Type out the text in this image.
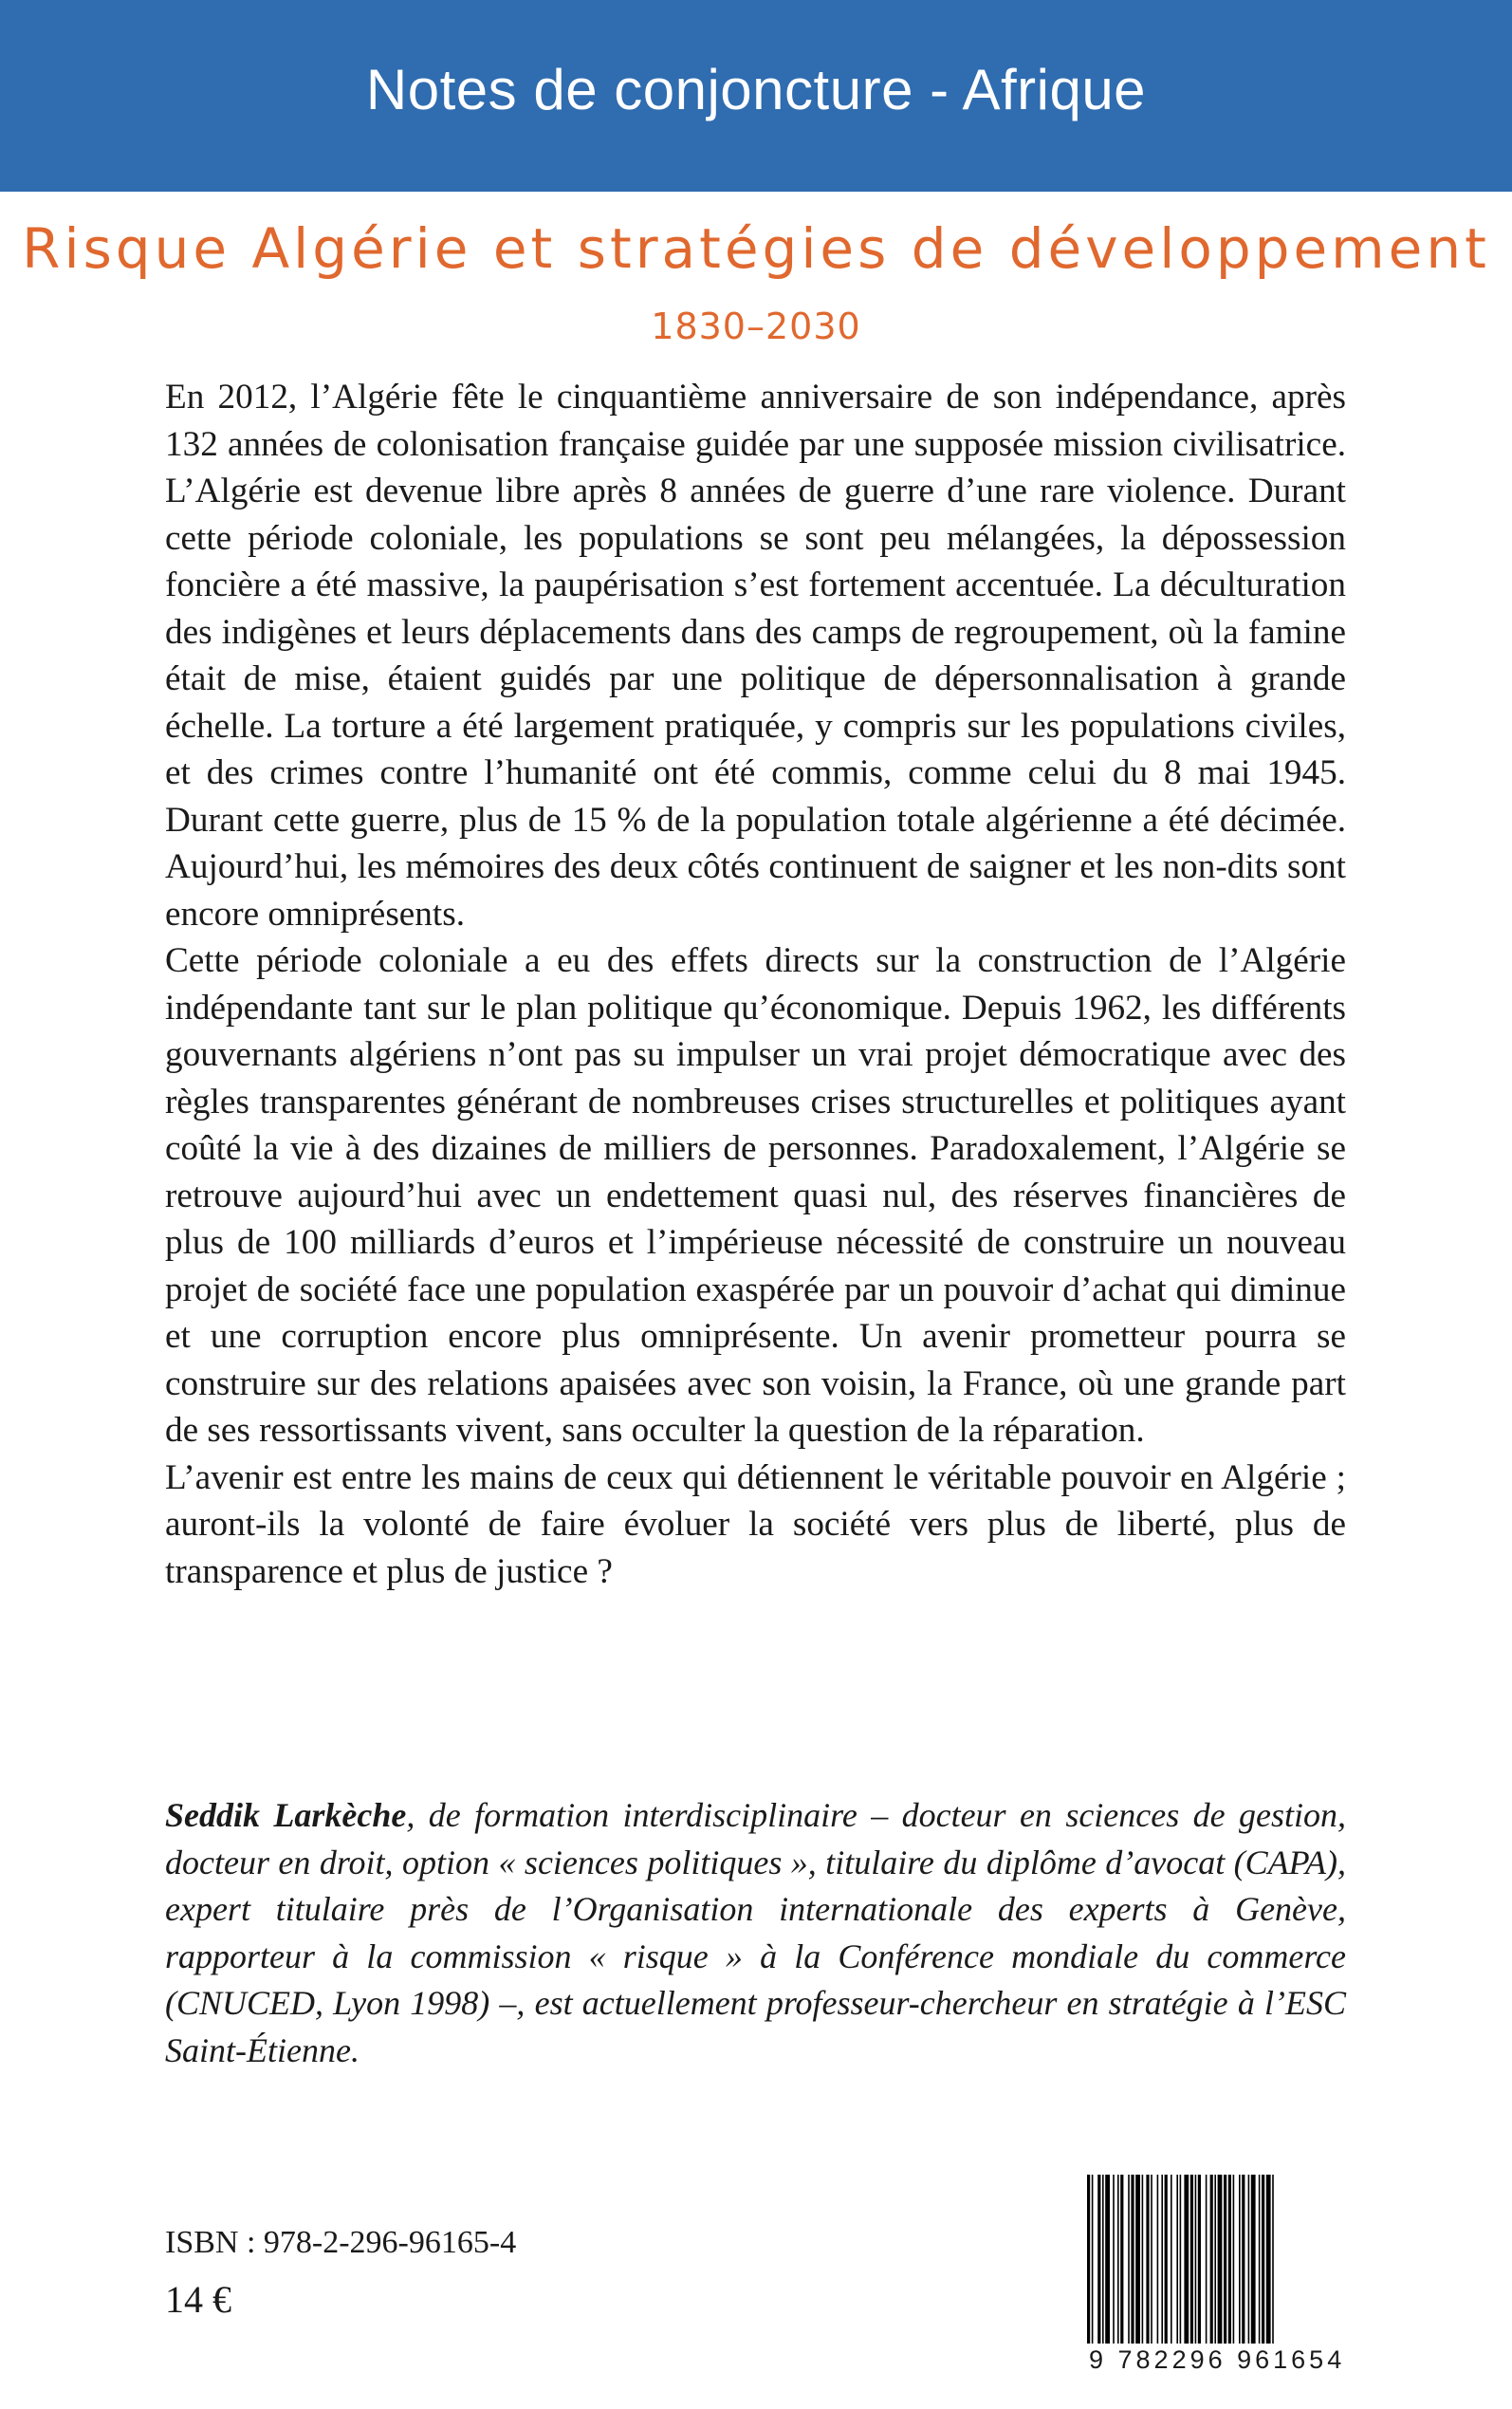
Notes de conjoncture - Afrique
Risque Algérie et stratégies de développement
1830–2030

En 2012, l’Algérie fête le cinquantième anniversaire de son indépendance, après 132 années de colonisation française guidée par une supposée mission civilisatrice. L’Algérie est devenue libre après 8 années de guerre d’une rare violence. Durant cette période coloniale, les populations se sont peu mélangées, la dépossession foncière a été massive, la paupérisation s’est fortement accentuée. La déculturation des indigènes et leurs déplacements dans des camps de regroupement, où la famine était de mise, étaient guidés par une politique de dépersonnalisation à grande échelle. La torture a été largement pratiquée, y compris sur les populations civiles, et des crimes contre l’humanité ont été commis, comme celui du 8 mai 1945. Durant cette guerre, plus de 15 % de la population totale algérienne a été décimée. Aujourd’hui, les mémoires des deux côtés continuent de saigner et les non-dits sont encore omniprésents.

Cette période coloniale a eu des effets directs sur la construction de l’Algérie indépendante tant sur le plan politique qu’économique. Depuis 1962, les différents gouvernants algériens n’ont pas su impulser un vrai projet démocratique avec des règles transparentes générant de nombreuses crises structurelles et politiques ayant coûté la vie à des dizaines de milliers de personnes. Paradoxalement, l’Algérie se retrouve aujourd’hui avec un endettement quasi nul, des réserves financières de plus de 100 milliards d’euros et l’impérieuse nécessité de construire un nouveau projet de société face une population exaspérée par un pouvoir d’achat qui diminue et une corruption encore plus omniprésente. Un avenir prometteur pourra se construire sur des relations apaisées avec son voisin, la France, où une grande part de ses ressortissants vivent, sans occulter la question de la réparation.

L’avenir est entre les mains de ceux qui détiennent le véritable pouvoir en Algérie ; auront-ils la volonté de faire évoluer la société vers plus de liberté, plus de transparence et plus de justice ?

Seddik Larkèche, de formation interdisciplinaire – docteur en sciences de gestion, docteur en droit, option « sciences politiques », titulaire du diplôme d’avocat (CAPA), expert titulaire près de l’Organisation internationale des experts à Genève, rapporteur à la commission « risque » à la Conférence mondiale du commerce (CNUCED, Lyon 1998) –, est actuellement professeur-chercheur en stratégie à l’ESC Saint-Étienne.
ISBN : 978-2-296-96165-4
14 €
9 782296 961654
